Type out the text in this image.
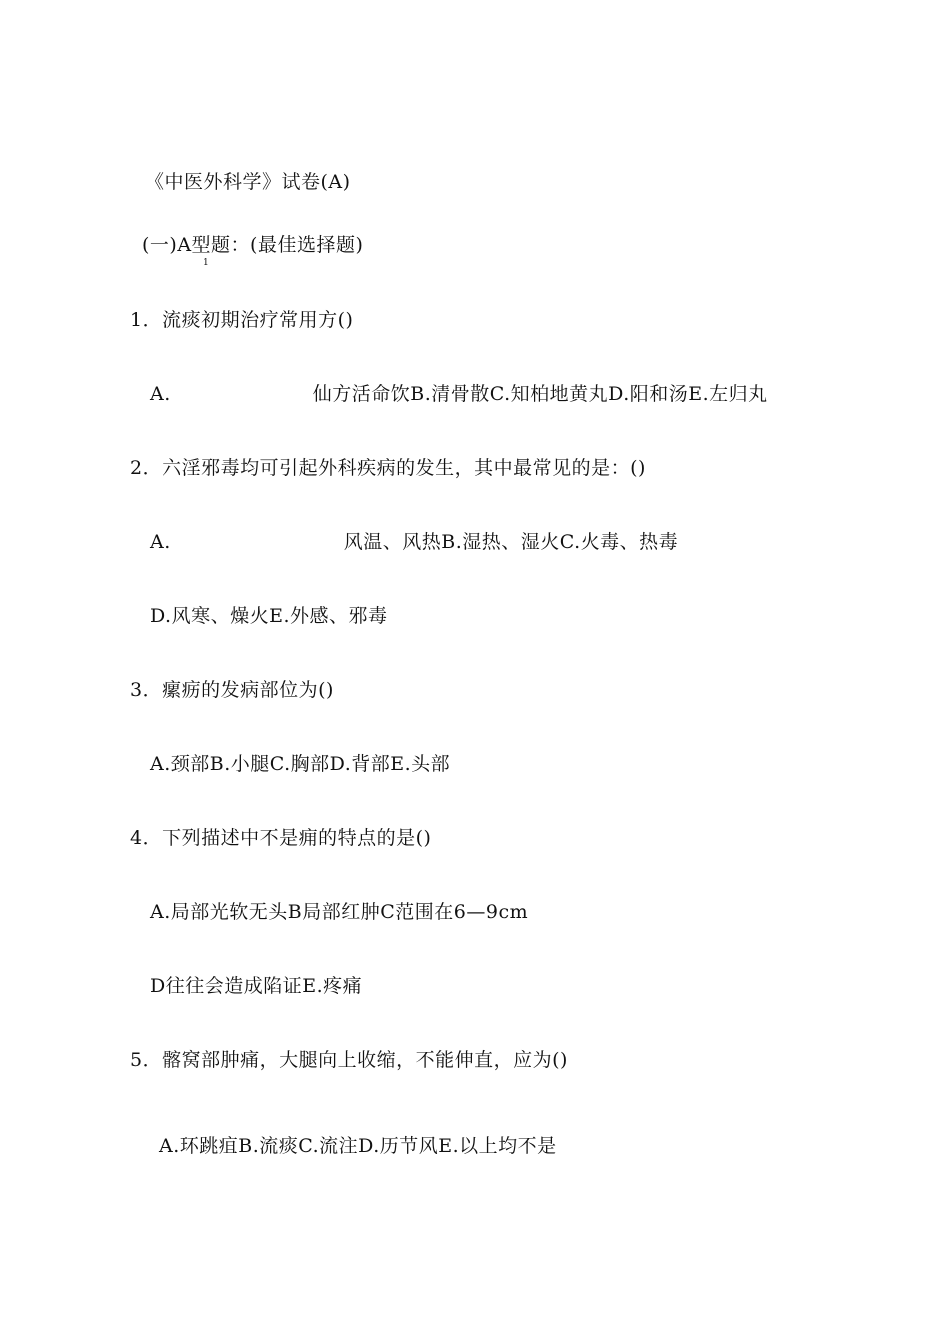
《中医外科学》试卷(A)
(一)A型题：(最佳选择题)
1
1．流痰初期治疗常用方()
A.	仙方活命饮B.清骨散C.知柏地黄丸D.阳和汤E.左归丸
2．六淫邪毒均可引起外科疾病的发生，其中最常见的是：()
A.	风温、风热B.湿热、湿火C.火毒、热毒
D.风寒、燥火E.外感、邪毒
3．瘰疬的发病部位为()
A.颈部B.小腿C.胸部D.背部E.头部
4．下列描述中不是痈的特点的是()
A.局部光软无头B局部红肿C范围在6—9cm
D往往会造成陷证E.疼痛
5．髂窝部肿痛，大腿向上收缩，不能伸直，应为()
A.环跳疽B.流痰C.流注D.历节风E.以上均不是
